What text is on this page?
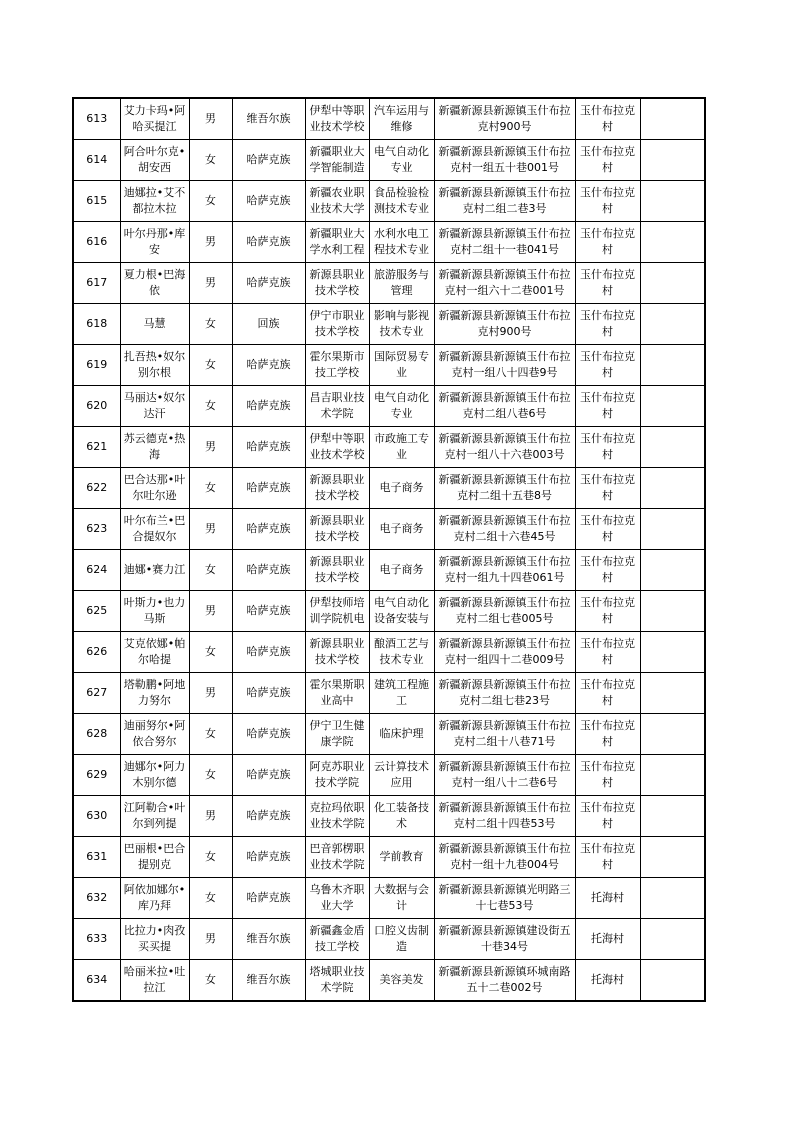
613	艾力卡玛•阿哈买提江	男	维吾尔族	伊犁中等职业技术学校	汽车运用与维修	新疆新源县新源镇玉什布拉克村900号	玉什布拉克村	

614	阿合叶尔克•胡安西	女	哈萨克族	新疆职业大学智能制造	电气自动化专业	新疆新源县新源镇玉什布拉克村一组五十巷001号	玉什布拉克村	

615	迪娜拉•艾不都拉木拉	女	哈萨克族	新疆农业职业技术大学	食品检验检测技术专业	新疆新源县新源镇玉什布拉克村二组二巷3号	玉什布拉克村	

616	叶尔丹那•库安	男	哈萨克族	新疆职业大学水利工程	水利水电工程技术专业	新疆新源县新源镇玉什布拉克村二组十一巷041号	玉什布拉克村	

617	夏力根•巴海依	男	哈萨克族	新源县职业技术学校	旅游服务与管理	新疆新源县新源镇玉什布拉克村一组六十二巷001号	玉什布拉克村	

618	马慧	女	回族	伊宁市职业技术学校	影响与影视技术专业	新疆新源县新源镇玉什布拉克村900号	玉什布拉克村	

619	扎吾热•奴尔别尔根	女	哈萨克族	霍尔果斯市技工学校	国际贸易专业	新疆新源县新源镇玉什布拉克村一组八十四巷9号	玉什布拉克村	

620	马丽达•奴尔达汗	女	哈萨克族	昌吉职业技术学院	电气自动化专业	新疆新源县新源镇玉什布拉克村二组八巷6号	玉什布拉克村	

621	苏云德克•热海	男	哈萨克族	伊犁中等职业技术学校	市政施工专业	新疆新源县新源镇玉什布拉克村一组八十六巷003号	玉什布拉克村	

622	巴合达那•叶尔吐尔逊	女	哈萨克族	新源县职业技术学校	电子商务	新疆新源县新源镇玉什布拉克村二组十五巷8号	玉什布拉克村	

623	叶尔布兰•巴合提奴尔	男	哈萨克族	新源县职业技术学校	电子商务	新疆新源县新源镇玉什布拉克村二组十六巷45号	玉什布拉克村	

624	迪娜•赛力江	女	哈萨克族	新源县职业技术学校	电子商务	新疆新源县新源镇玉什布拉克村一组九十四巷061号	玉什布拉克村	

625	叶斯力•也力马斯	男	哈萨克族	伊犁技师培训学院机电	电气自动化设备安装与	新疆新源县新源镇玉什布拉克村二组七巷005号	玉什布拉克村	

626	艾克依娜•帕尔哈提	女	哈萨克族	新源县职业技术学校	酿酒工艺与技术专业	新疆新源县新源镇玉什布拉克村一组四十二巷009号	玉什布拉克村	

627	塔勒鹏•阿地力努尔	男	哈萨克族	霍尔果斯职业高中	建筑工程施工	新疆新源县新源镇玉什布拉克村二组七巷23号	玉什布拉克村	

628	迪丽努尔•阿依合努尔	女	哈萨克族	伊宁卫生健康学院	临床护理	新疆新源县新源镇玉什布拉克村二组十八巷71号	玉什布拉克村	

629	迪娜尔•阿力木别尔德	女	哈萨克族	阿克苏职业技术学院	云计算技术应用	新疆新源县新源镇玉什布拉克村一组八十二巷6号	玉什布拉克村	

630	江阿勒合•叶尔到列提	男	哈萨克族	克拉玛依职业技术学院	化工装备技术	新疆新源县新源镇玉什布拉克村二组十四巷53号	玉什布拉克村	

631	巴丽根•巴合提别克	女	哈萨克族	巴音郭楞职业技术学院	学前教育	新疆新源县新源镇玉什布拉克村一组十九巷004号	玉什布拉克村	

632	阿依加娜尔•库乃拜	女	哈萨克族	乌鲁木齐职业大学	大数据与会计	新疆新源县新源镇光明路三十七巷53号	托海村	

633	比拉力•肉孜买买提	男	维吾尔族	新疆鑫金盾技工学校	口腔义齿制造	新疆新源县新源镇建设街五十巷34号	托海村	

634	哈丽米拉•吐拉江	女	维吾尔族	塔城职业技术学院	美容美发	新疆新源县新源镇环城南路五十二巷002号	托海村	
